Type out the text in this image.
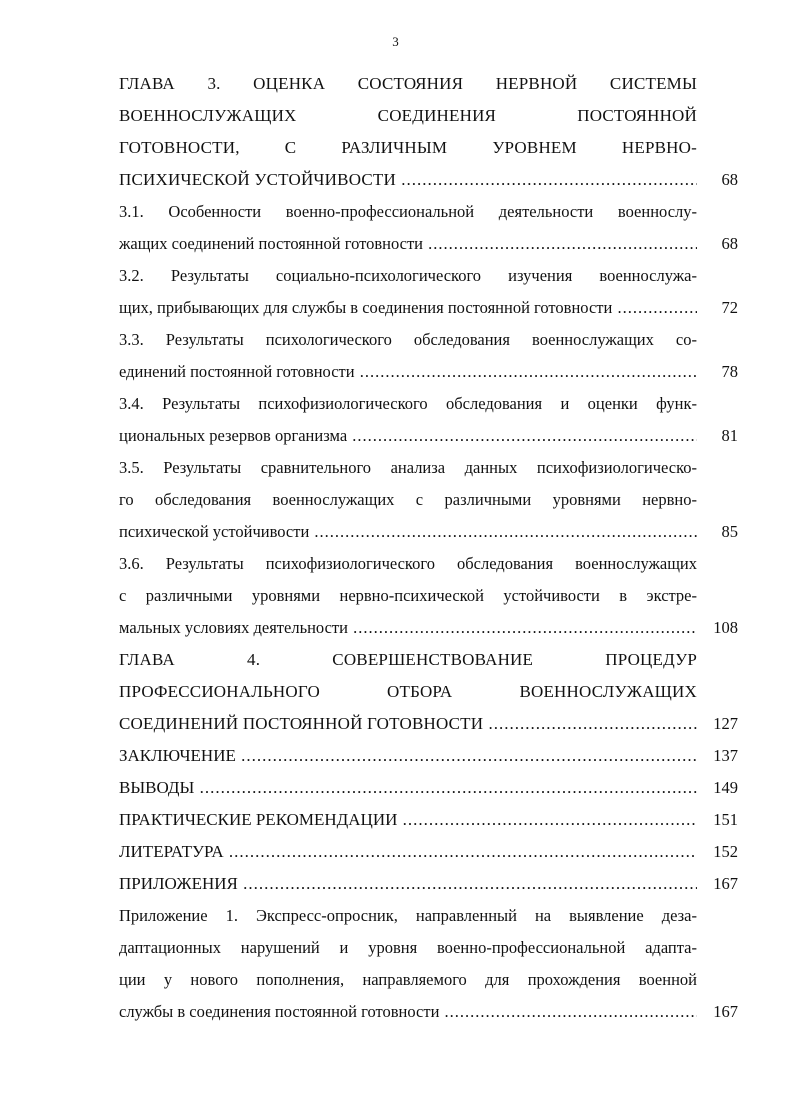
3
ГЛАВА 3. ОЦЕНКА СОСТОЯНИЯ НЕРВНОЙ СИСТЕМЫ
ВОЕННОСЛУЖАЩИХ СОЕДИНЕНИЯ ПОСТОЯННОЙ
ГОТОВНОСТИ, С РАЗЛИЧНЫМ УРОВНЕМ НЕРВНО-
ПСИХИЧЕСКОЙ УСТОЙЧИВОСТИ .....	68
3.1. Особенности военно-профессиональной деятельности военнослу-
жащих соединений постоянной готовности .....	68
3.2. Результаты социально-психологического изучения военнослужа-
щих, прибывающих для службы в соединения постоянной готовности .....	72
3.3. Результаты психологического обследования военнослужащих со-
единений постоянной готовности .....	78
3.4. Результаты психофизиологического обследования и оценки функ-
циональных резервов организма .....	81
3.5. Результаты сравнительного анализа данных психофизиологическо-
го обследования военнослужащих с различными уровнями нервно-
психической устойчивости .....	85
3.6. Результаты психофизиологического обследования военнослужащих
с различными уровнями нервно-психической устойчивости в экстре-
мальных условиях деятельности .....	108
ГЛАВА 4. СОВЕРШЕНСТВОВАНИЕ ПРОЦЕДУР
ПРОФЕССИОНАЛЬНОГО ОТБОРА ВОЕННОСЛУЖАЩИХ
СОЕДИНЕНИЙ ПОСТОЯННОЙ ГОТОВНОСТИ .....	127
ЗАКЛЮЧЕНИЕ .....	137
ВЫВОДЫ .....	149
ПРАКТИЧЕСКИЕ РЕКОМЕНДАЦИИ .....	151
ЛИТЕРАТУРА .....	152
ПРИЛОЖЕНИЯ .....	167
Приложение 1. Экспресс-опросник, направленный на выявление деза-
даптационных нарушений и уровня военно-профессиональной адапта-
ции у нового пополнения, направляемого для прохождения военной
службы в соединения постоянной готовности .....	167
